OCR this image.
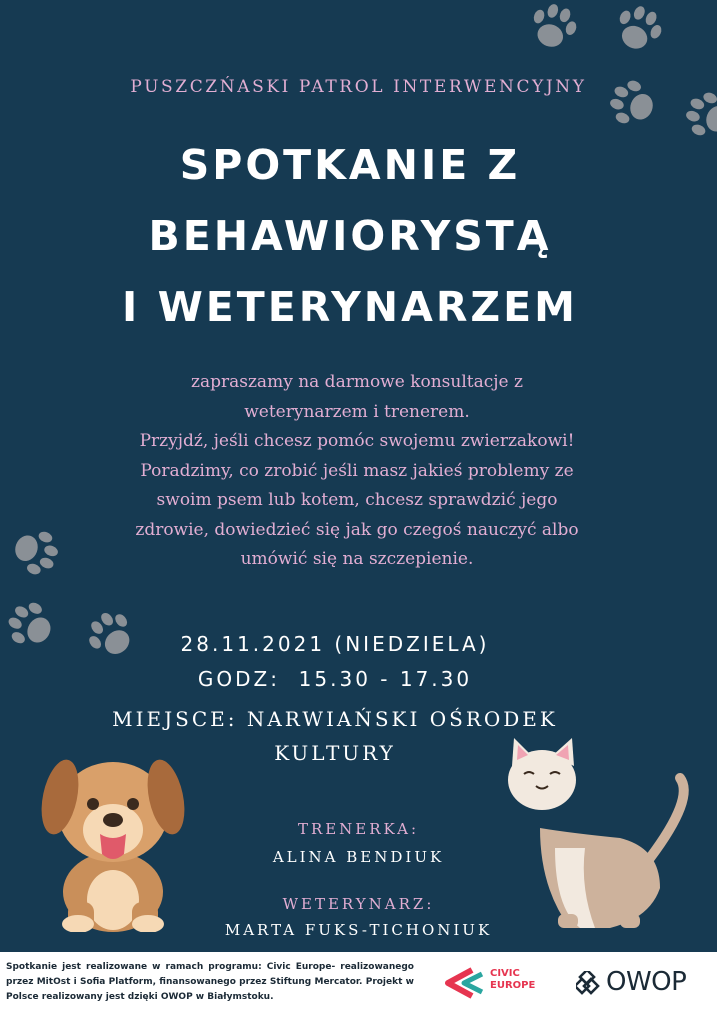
PUSZCZŃASKI PATROL INTERWENCYJNY
SPOTKANIE Z
BEHAWIORYSTĄ
I WETERYNARZEM
zapraszamy na darmowe konsultacje z
weterynarzem i trenerem.
Przyjdź, jeśli chcesz pomóc swojemu zwierzakowi!
Poradzimy, co zrobić jeśli masz jakieś problemy ze
swoim psem lub kotem, chcesz sprawdzić jego
zdrowie, dowiedzieć się jak go czegoś nauczyć albo
umówić się na szczepienie.
28.11.2021 (NIEDZIELA)
GODZ:  15.30 - 17.30
MIEJSCE: NARWIAŃSKI OŚRODEK
KULTURY
TRENERKA:
ALINA BENDIUK
WETERYNARZ:
MARTA FUKS-TICHONIUK
Spotkanie jest realizowane w ramach programu: Civic Europe- realizowanego przez MitOst i Sofia Platform, finansowanego przez Stiftung Mercator. Projekt w Polsce realizowany jest dzięki OWOP w Białymstoku.
CIVIC
EUROPE	OWOP
